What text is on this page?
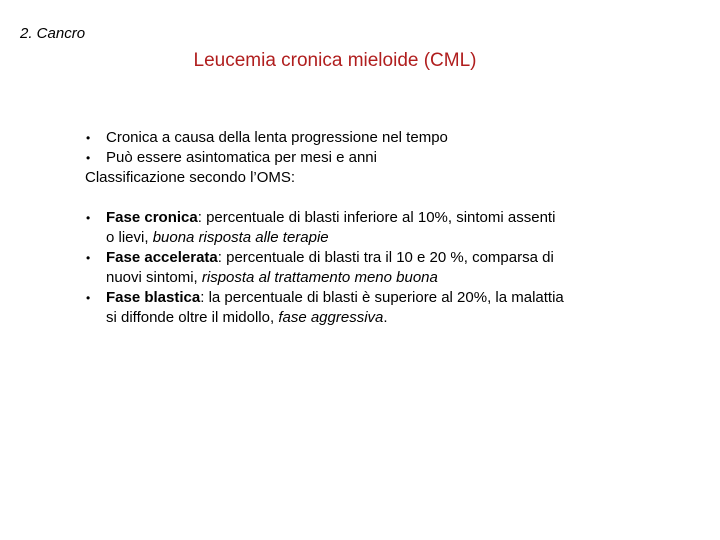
2. Cancro
Leucemia cronica mieloide (CML)
• Cronica a causa della lenta progressione nel tempo
• Può essere asintomatica per mesi e anni

Classificazione secondo l’OMS:

• Fase cronica: percentuale di blasti inferiore al 10%, sintomi assenti o lievi, buona risposta alle terapie
• Fase accelerata: percentuale di blasti tra il 10 e 20 %, comparsa di nuovi sintomi, risposta al trattamento meno buona
• Fase blastica: la percentuale di blasti è superiore al 20%, la malattia si diffonde oltre il midollo, fase aggressiva.
